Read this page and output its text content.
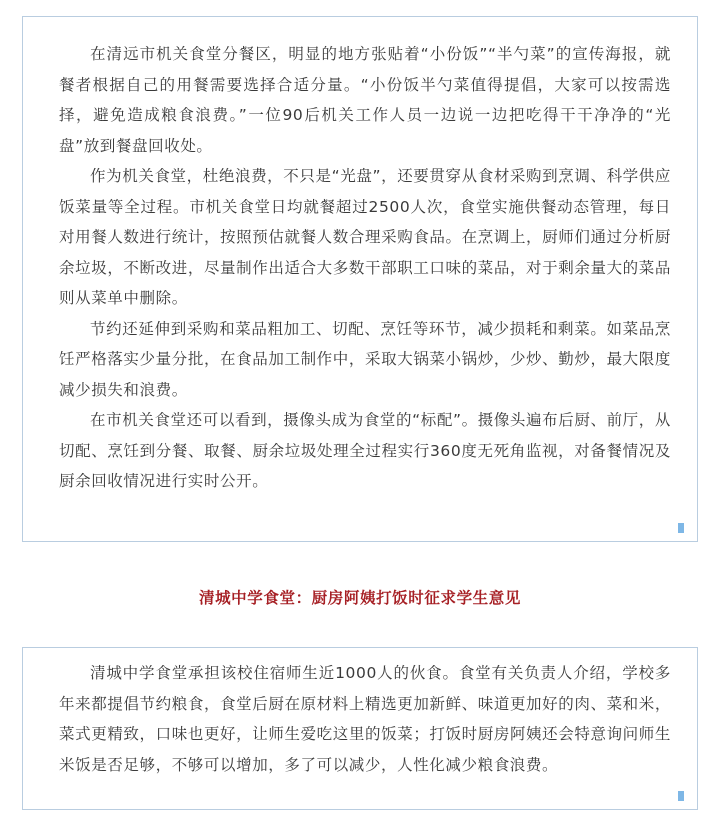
在清远市机关食堂分餐区，明显的地方张贴着“小份饭”“半勺菜”的宣传海报，就餐者根据自己的用餐需要选择合适分量。“小份饭半勺菜值得提倡，大家可以按需选择，避免造成粮食浪费。”一位90后机关工作人员一边说一边把吃得干干净净的“光盘”放到餐盘回收处。

作为机关食堂，杜绝浪费，不只是“光盘”，还要贯穿从食材采购到烹调、科学供应饭菜量等全过程。市机关食堂日均就餐超过2500人次，食堂实施供餐动态管理，每日对用餐人数进行统计，按照预估就餐人数合理采购食品。在烹调上，厨师们通过分析厨余垃圾，不断改进，尽量制作出适合大多数干部职工口味的菜品，对于剩余量大的菜品则从菜单中删除。

节约还延伸到采购和菜品粗加工、切配、烹饪等环节，减少损耗和剩菜。如菜品烹饪严格落实少量分批，在食品加工制作中，采取大锅菜小锅炒，少炒、勤炒，最大限度减少损失和浪费。

在市机关食堂还可以看到，摄像头成为食堂的“标配”。摄像头遍布后厨、前厅，从切配、烹饪到分餐、取餐、厨余垃圾处理全过程实行360度无死角监视，对备餐情况及厨余回收情况进行实时公开。

清城中学食堂：厨房阿姨打饭时征求学生意见

清城中学食堂承担该校住宿师生近1000人的伙食。食堂有关负责人介绍，学校多年来都提倡节约粮食，食堂后厨在原材料上精选更加新鲜、味道更加好的肉、菜和米，菜式更精致，口味也更好，让师生爱吃这里的饭菜；打饭时厨房阿姨还会特意询问师生米饭是否足够，不够可以增加，多了可以减少，人性化减少粮食浪费。
